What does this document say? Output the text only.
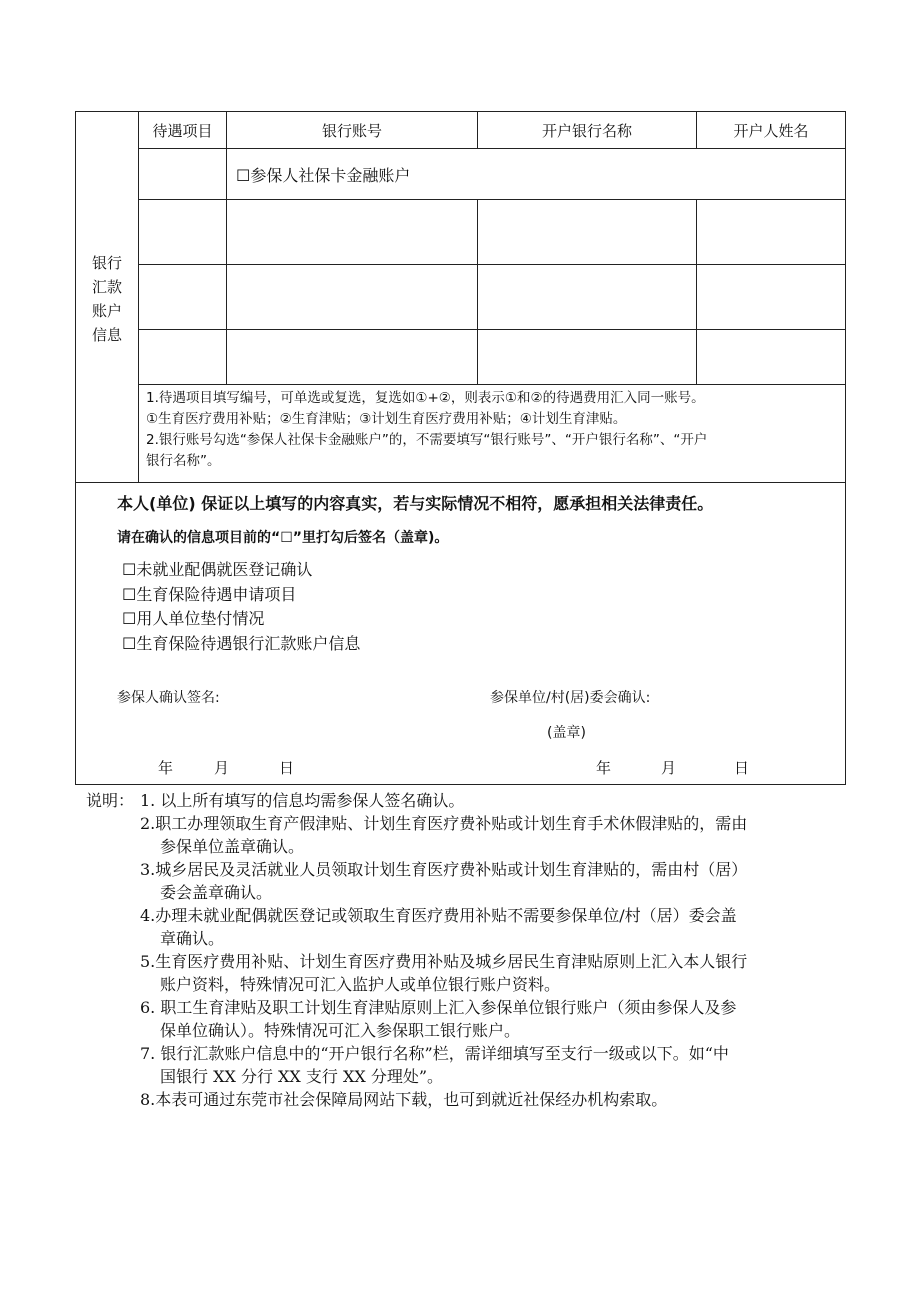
银行
汇款
账户
信息
待遇项目	银行账号	开户银行名称	开户人姓名
☐参保人社保卡金融账户
1.待遇项目填写编号，可单选或复选，复选如①+②，则表示①和②的待遇费用汇入同一账号。
①生育医疗费用补贴；②生育津贴；③计划生育医疗费用补贴；④计划生育津贴。
2.银行账号勾选“参保人社保卡金融账户”的，不需要填写“银行账号”、“开户银行名称”、“开户
银行名称”。
本人(单位) 保证以上填写的内容真实，若与实际情况不相符，愿承担相关法律责任。
请在确认的信息项目前的“☐”里打勾后签名（盖章)。
☐未就业配偶就医登记确认
☐生育保险待遇申请项目
☐用人单位垫付情况
☐生育保险待遇银行汇款账户信息
参保人确认签名:	参保单位/村(居)委会确认:
(盖章)
年	月	日	年	月	日
说明： 1. 以上所有填写的信息均需参保人签名确认。
2.职工办理领取生育产假津贴、计划生育医疗费补贴或计划生育手术休假津贴的，需由
参保单位盖章确认。
3.城乡居民及灵活就业人员领取计划生育医疗费补贴或计划生育津贴的，需由村（居）
委会盖章确认。
4.办理未就业配偶就医登记或领取生育医疗费用补贴不需要参保单位/村（居）委会盖
章确认。
5.生育医疗费用补贴、计划生育医疗费用补贴及城乡居民生育津贴原则上汇入本人银行
账户资料，特殊情况可汇入监护人或单位银行账户资料。
6. 职工生育津贴及职工计划生育津贴原则上汇入参保单位银行账户（须由参保人及参
保单位确认）。特殊情况可汇入参保职工银行账户。
7. 银行汇款账户信息中的“开户银行名称”栏，需详细填写至支行一级或以下。如“中
国银行 XX 分行 XX 支行 XX 分理处”。
8.本表可通过东莞市社会保障局网站下载，也可到就近社保经办机构索取。
